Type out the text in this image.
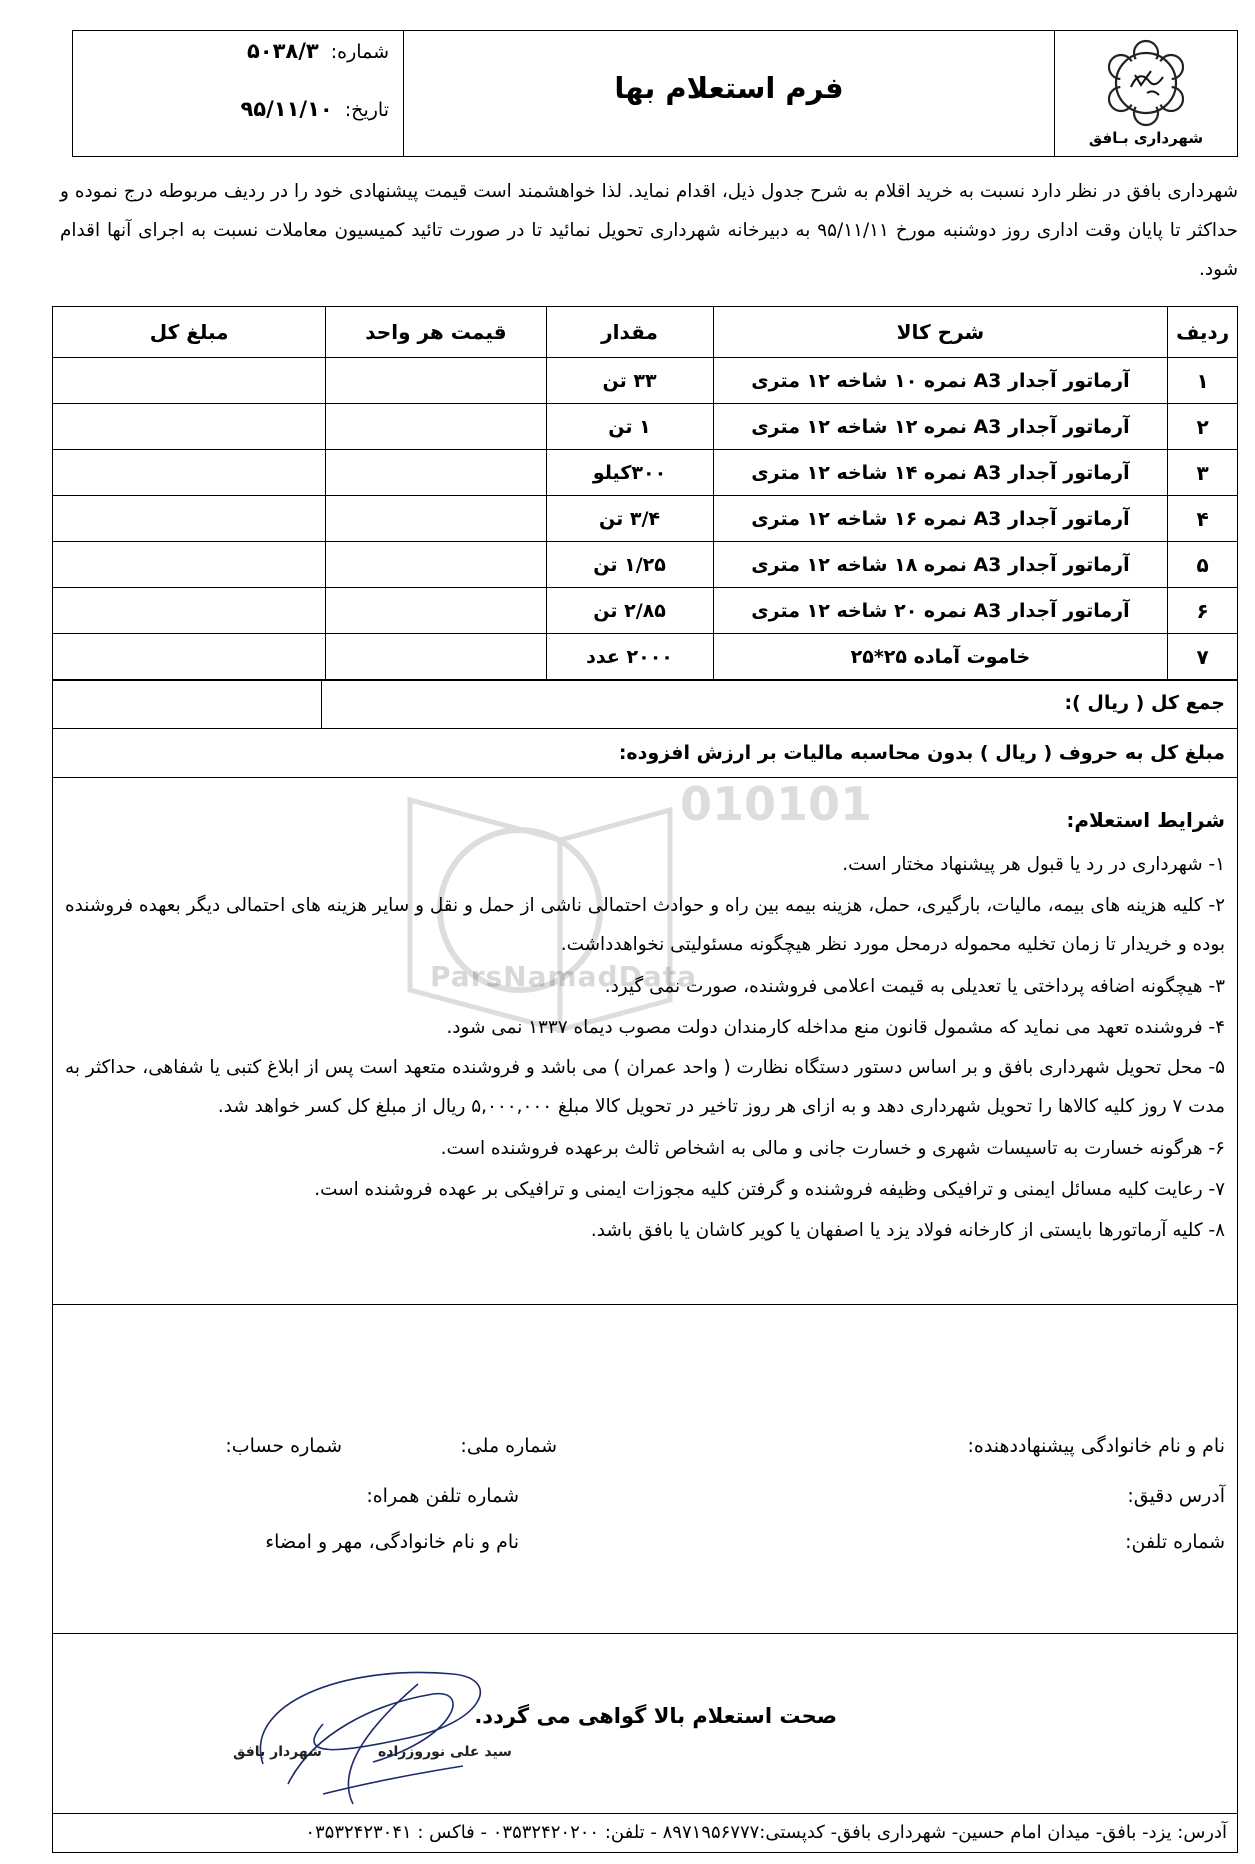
شماره: ۵۰۳۸/۳
تاریخ: ۹۵/۱۱/۱۰
فرم استعلام بها
شهرداری بـافق
شهرداری بافق در نظر دارد نسبت به خرید اقلام به شرح جدول ذیل، اقدام نماید. لذا خواهشمند است قیمت پیشنهادی خود را در ردیف مربوطه درج نموده و حداکثر تا پایان وقت اداری روز دوشنبه مورخ ۹۵/۱۱/۱۱ به دبیرخانه شهرداری تحویل نمائید تا در صورت تائید کمیسیون معاملات نسبت به اجرای آنها اقدام شود.
ردیف	شرح کالا	مقدار	قیمت هر واحد	مبلغ کل
۱	آرماتور آجدار A3 نمره ۱۰ شاخه ۱۲ متری	۳۳ تن		
۲	آرماتور آجدار A3 نمره ۱۲ شاخه ۱۲ متری	۱ تن		
۳	آرماتور آجدار A3 نمره ۱۴ شاخه ۱۲ متری	۳۰۰کیلو		
۴	آرماتور آجدار A3 نمره ۱۶ شاخه ۱۲ متری	۳/۴ تن		
۵	آرماتور آجدار A3 نمره ۱۸ شاخه ۱۲ متری	۱/۲۵ تن		
۶	آرماتور آجدار A3 نمره ۲۰ شاخه ۱۲ متری	۲/۸۵ تن		
۷	خاموت آماده ۲۵*۲۵	۲۰۰۰ عدد		
جمع کل ( ریال ):
مبلغ کل به حروف ( ریال ) بدون محاسبه مالیات بر ارزش افزوده:
شرایط استعلام:
۱- شهرداری در رد یا قبول هر پیشنهاد مختار است.
۲- کلیه هزینه های بیمه، مالیات، بارگیری، حمل، هزینه بیمه بین راه و حوادث احتمالی ناشی از حمل و نقل و سایر هزینه های احتمالی دیگر بعهده فروشنده بوده و خریدار تا زمان تخلیه محموله درمحل مورد نظر هیچگونه مسئولیتی نخواهدداشت.
۳- هیچگونه اضافه پرداختی یا تعدیلی به قیمت اعلامی فروشنده، صورت نمی گیرد.
۴- فروشنده تعهد می نماید که مشمول قانون منع مداخله کارمندان دولت مصوب دیماه ۱۳۳۷ نمی شود.
۵- محل تحویل شهرداری بافق و بر اساس دستور دستگاه نظارت ( واحد عمران ) می باشد و فروشنده متعهد است پس از ابلاغ کتبی یا شفاهی، حداکثر به مدت ۷ روز کلیه کالاها را تحویل شهرداری دهد و به ازای هر روز تاخیر در تحویل کالا مبلغ ۵,۰۰۰,۰۰۰ ریال از مبلغ کل کسر خواهد شد.
۶- هرگونه خسارت به تاسیسات شهری و خسارت جانی و مالی به اشخاص ثالث برعهده فروشنده است.
۷- رعایت کلیه مسائل ایمنی و ترافیکی وظیفه فروشنده و گرفتن کلیه مجوزات ایمنی و ترافیکی بر عهده فروشنده است.
۸- کلیه آرماتورها بایستی از کارخانه فولاد یزد یا اصفهان یا کویر کاشان یا بافق باشد.
010101
ParsNamadData
نام و نام خانوادگی پیشنهاددهنده:
شماره ملی:
شماره حساب:
آدرس دقیق:
شماره تلفن همراه:
شماره تلفن:
نام و نام خانوادگی، مهر و امضاء
صحت استعلام بالا گواهی می گردد.
سید علی نوروززاده
شهردار بافق
آدرس: یزد- بافق- میدان امام حسین- شهرداری بافق- کدپستی:۸۹۷۱۹۵۶۷۷۷ - تلفن: ۰۳۵۳۲۴۲۰۲۰۰ - فاکس : ۰۳۵۳۲۴۲۳۰۴۱
